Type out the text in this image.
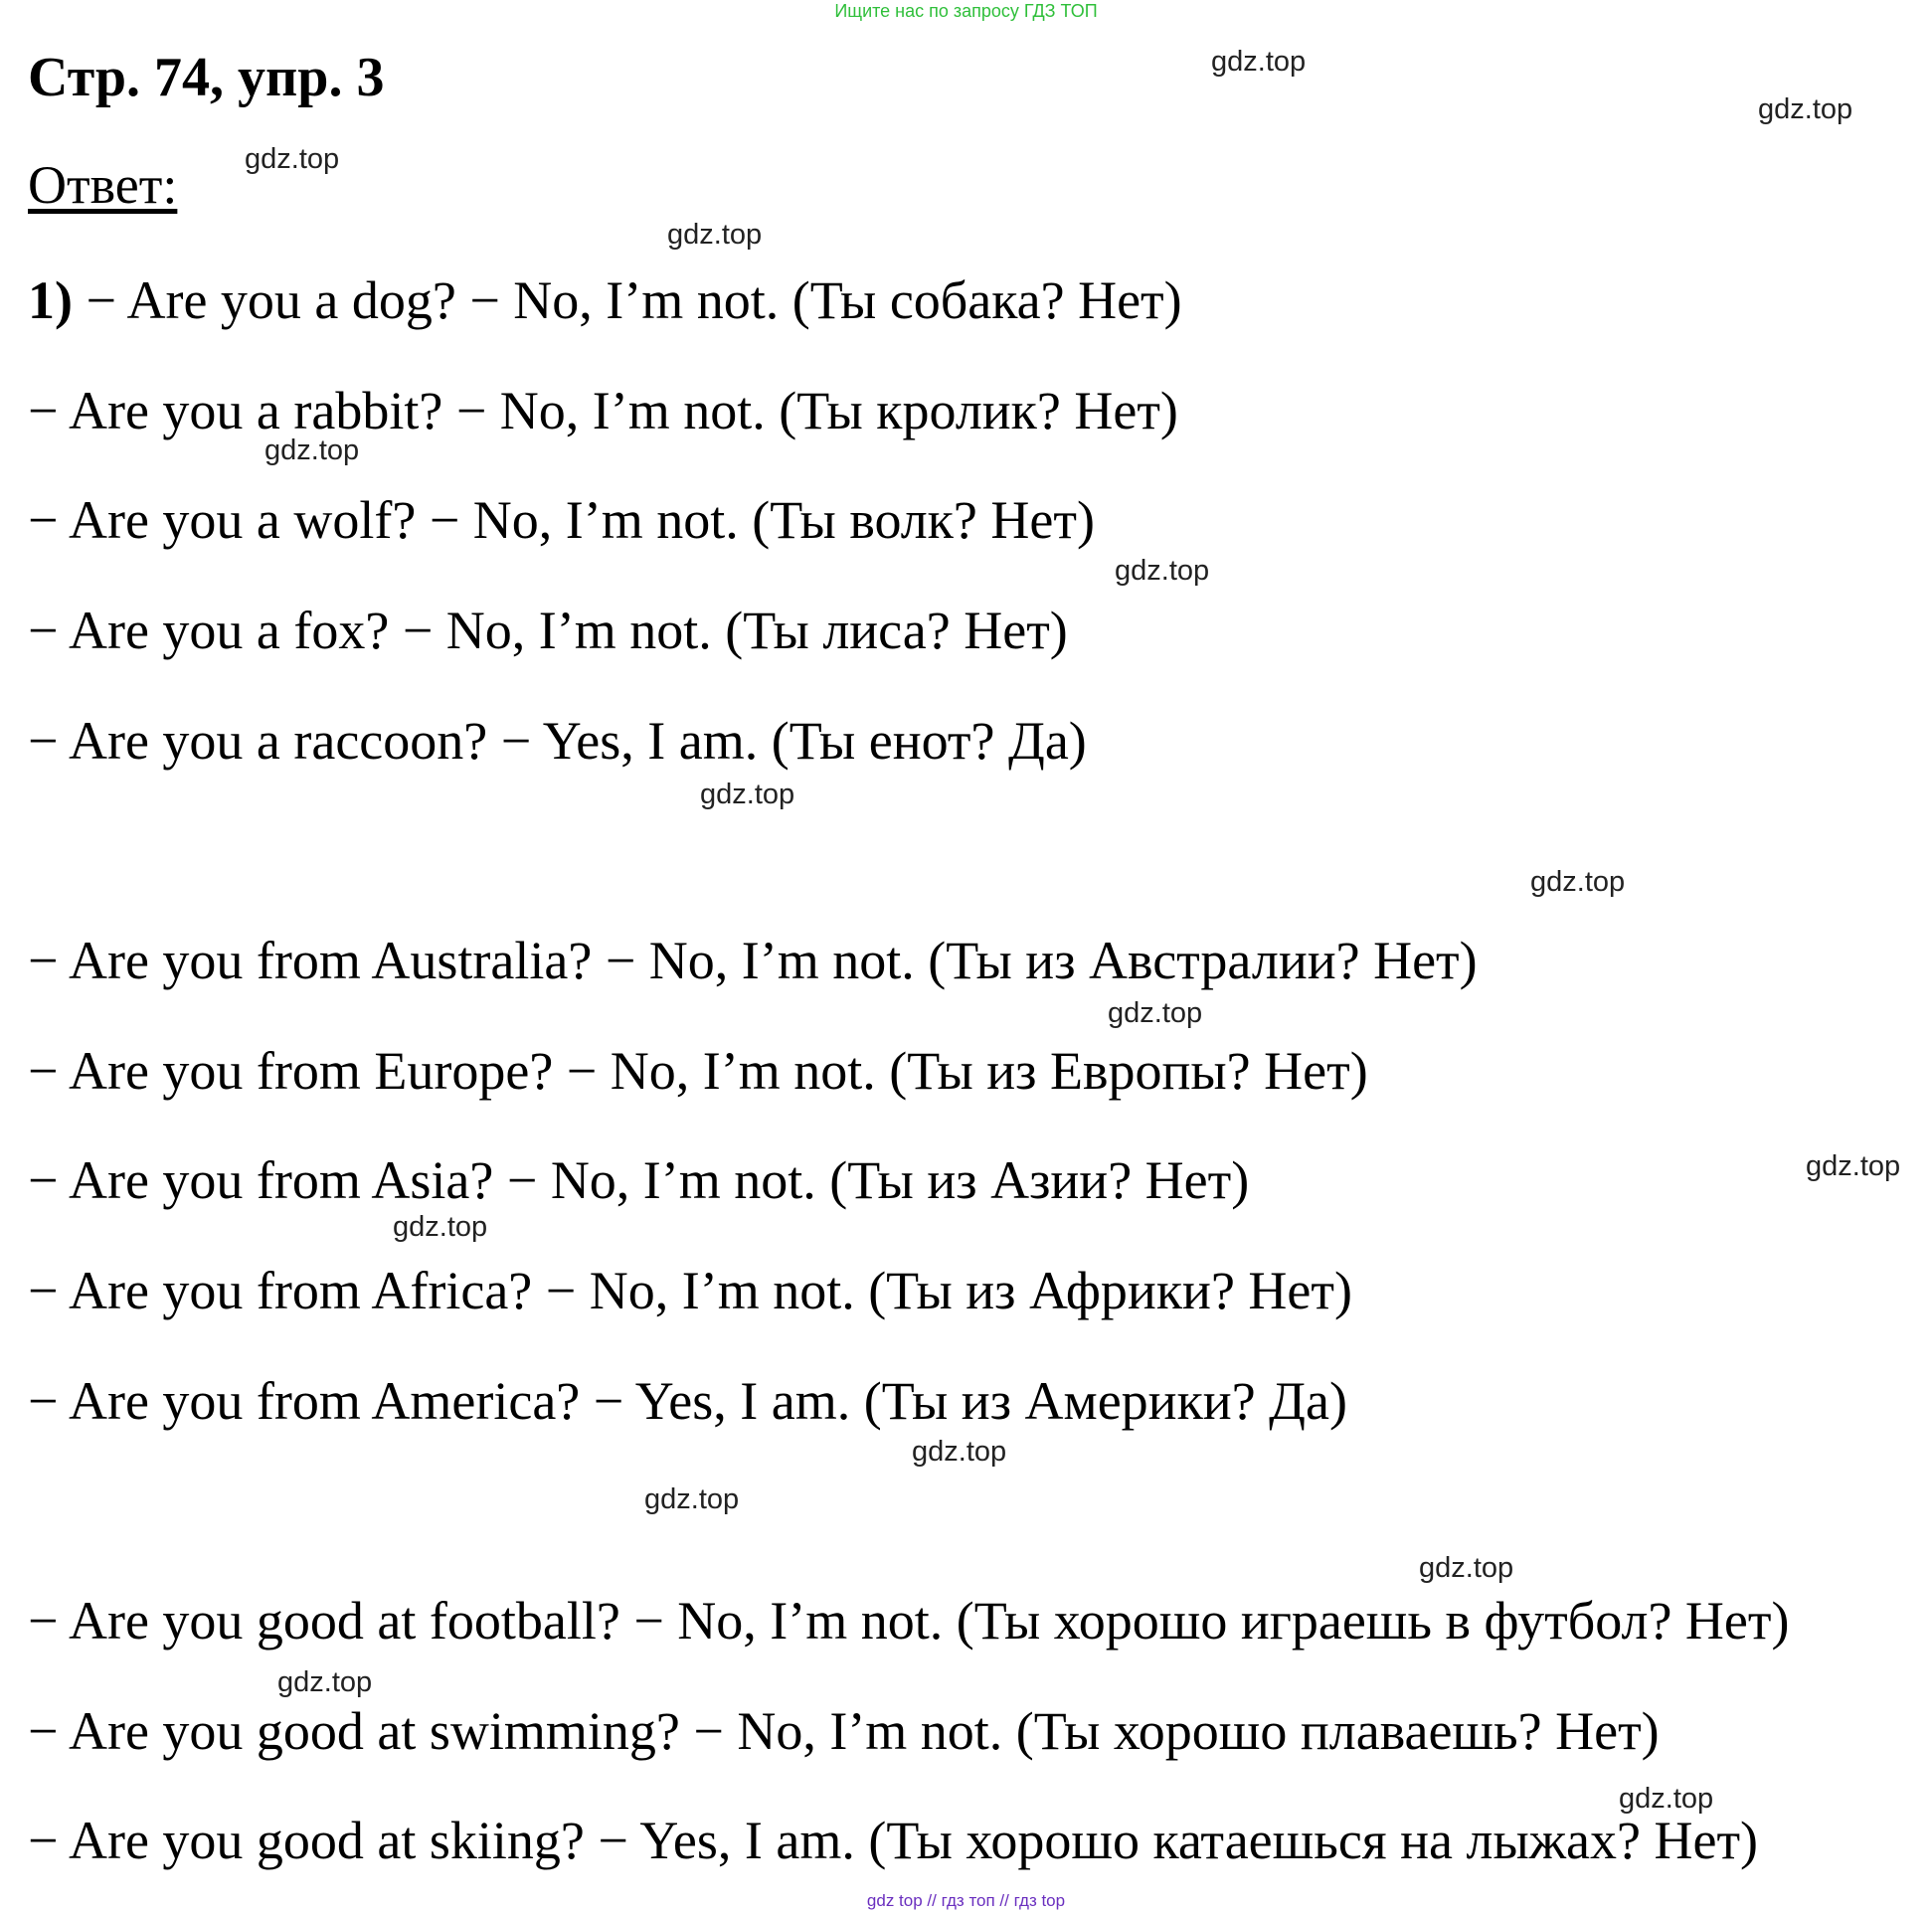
Ищите нас по запросу ГДЗ ТОП
Стр. 74, упр. 3
Ответ:
1) − Are you a dog? − No, I’m not. (Ты собака? Нет)
− Are you a rabbit? − No, I’m not. (Ты кролик? Нет)
− Are you a wolf? − No, I’m not. (Ты волк? Нет)
− Are you a fox? − No, I’m not. (Ты лиса? Нет)
− Are you a raccoon? − Yes, I am. (Ты енот? Да)
− Are you from Australia? − No, I’m not. (Ты из Австралии? Нет)
− Are you from Europe? − No, I’m not. (Ты из Европы? Нет)
− Are you from Asia? − No, I’m not. (Ты из Азии? Нет)
− Are you from Africa? − No, I’m not. (Ты из Африки? Нет)
− Are you from America? − Yes, I am. (Ты из Америки? Да)
− Are you good at football? − No, I’m not. (Ты хорошо играешь в футбол? Нет)
− Are you good at swimming? − No, I’m not. (Ты хорошо плаваешь? Нет)
− Are you good at skiing? − Yes, I am. (Ты хорошо катаешься на лыжах? Нет)
gdz.top
gdz.top
gdz.top
gdz.top
gdz.top
gdz.top
gdz.top
gdz.top
gdz.top
gdz.top
gdz.top
gdz.top
gdz.top
gdz.top
gdz.top
gdz.top
gdz top // гдз топ // гдз top
